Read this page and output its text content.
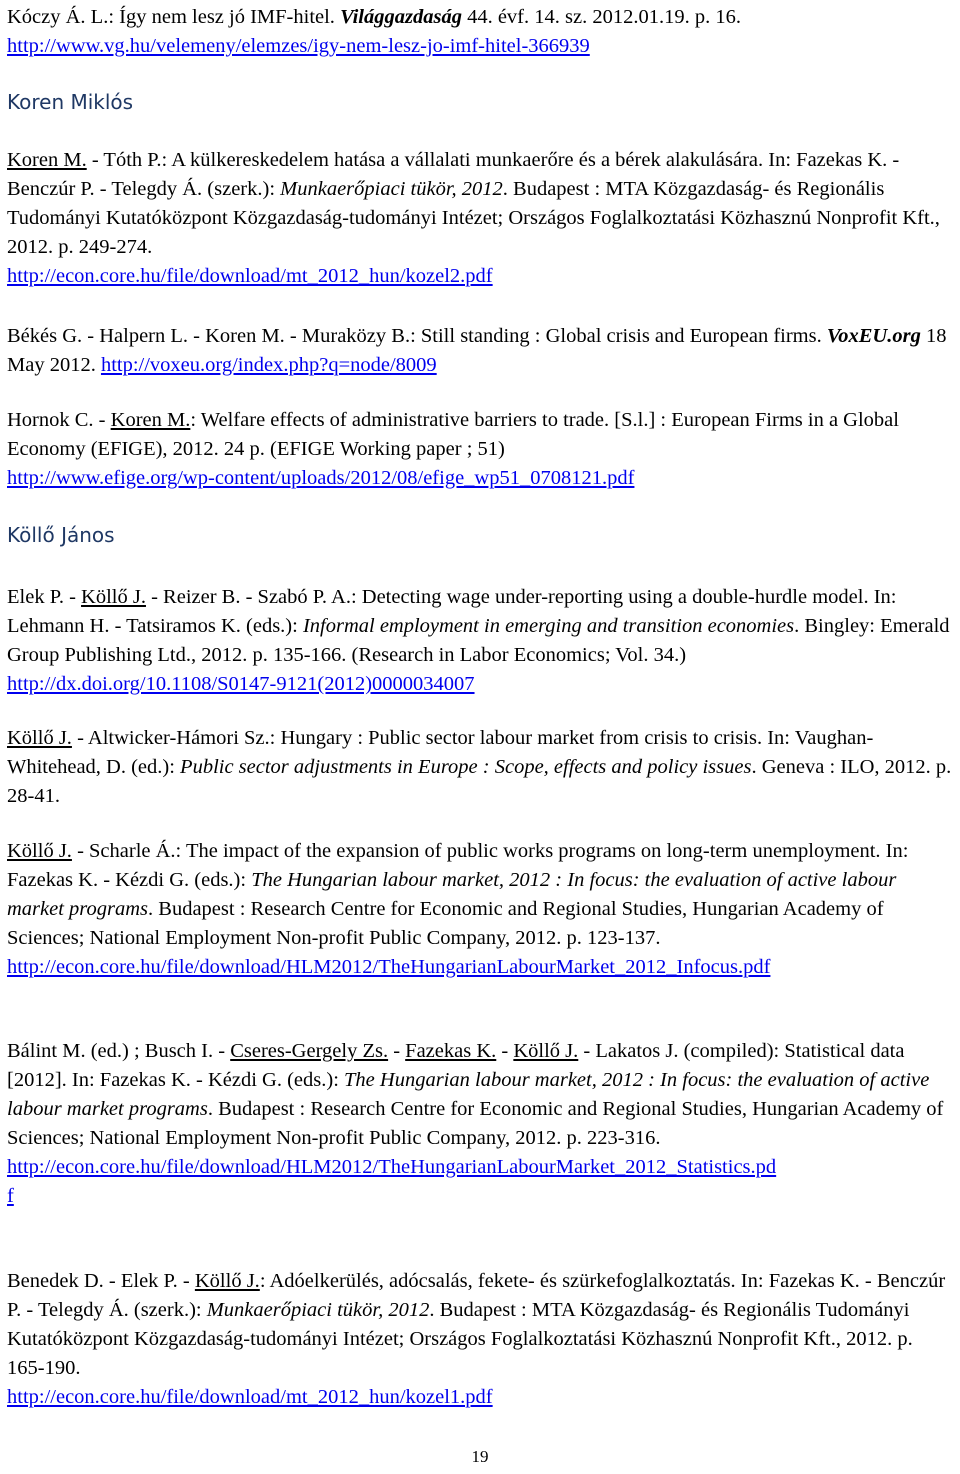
Kóczy Á. L.: Így nem lesz jó IMF-hitel. Világgazdaság 44. évf. 14. sz. 2012.01.19. p. 16.
http://www.vg.hu/velemeny/elemzes/igy-nem-lesz-jo-imf-hitel-366939

Koren Miklós

Koren M. - Tóth P.: A külkereskedelem hatása a vállalati munkaerőre és a bérek alakulására. In: Fazekas K. - Benczúr P. - Telegdy Á. (szerk.): Munkaerőpiaci tükör, 2012. Budapest : MTA Közgazdaság- és Regionális Tudományi Kutatóközpont Közgazdaság-tudományi Intézet; Országos Foglalkoztatási Közhasznú Nonprofit Kft., 2012. p. 249-274.
http://econ.core.hu/file/download/mt_2012_hun/kozel2.pdf

Békés G. - Halpern L. - Koren M. - Muraközy B.: Still standing : Global crisis and European firms. VoxEU.org 18 May 2012. http://voxeu.org/index.php?q=node/8009

Hornok C. - Koren M.: Welfare effects of administrative barriers to trade. [S.l.] : European Firms in a Global Economy (EFIGE), 2012. 24 p. (EFIGE Working paper ; 51)
http://www.efige.org/wp-content/uploads/2012/08/efige_wp51_0708121.pdf

Köllő János

Elek P. - Köllő J. - Reizer B. - Szabó P. A.: Detecting wage under-reporting using a double-hurdle model. In: Lehmann H. - Tatsiramos K. (eds.): Informal employment in emerging and transition economies. Bingley: Emerald Group Publishing Ltd., 2012. p. 135-166. (Research in Labor Economics; Vol. 34.) http://dx.doi.org/10.1108/S0147-9121(2012)0000034007

Köllő J. - Altwicker-Hámori Sz.: Hungary : Public sector labour market from crisis to crisis. In: Vaughan-Whitehead, D. (ed.): Public sector adjustments in Europe : Scope, effects and policy issues. Geneva : ILO, 2012. p. 28-41.

Köllő J. - Scharle Á.: The impact of the expansion of public works programs on long-term unemployment. In: Fazekas K. - Kézdi G. (eds.): The Hungarian labour market, 2012 : In focus: the evaluation of active labour market programs. Budapest : Research Centre for Economic and Regional Studies, Hungarian Academy of Sciences; National Employment Non-profit Public Company, 2012. p. 123-137.
http://econ.core.hu/file/download/HLM2012/TheHungarianLabourMarket_2012_Infocus.pdf

Bálint M. (ed.) ; Busch I. - Cseres-Gergely Zs. - Fazekas K. - Köllő J. - Lakatos J. (compiled): Statistical data [2012]. In: Fazekas K. - Kézdi G. (eds.): The Hungarian labour market, 2012 : In focus: the evaluation of active labour market programs. Budapest : Research Centre for Economic and Regional Studies, Hungarian Academy of Sciences; National Employment Non-profit Public Company, 2012. p. 223-316.
http://econ.core.hu/file/download/HLM2012/TheHungarianLabourMarket_2012_Statistics.pd
f

Benedek D. - Elek P. - Köllő J.: Adóelkerülés, adócsalás, fekete- és szürkefoglalkoztatás. In: Fazekas K. - Benczúr P. - Telegdy Á. (szerk.): Munkaerőpiaci tükör, 2012. Budapest : MTA Közgazdaság- és Regionális Tudományi Kutatóközpont Közgazdaság-tudományi Intézet; Országos Foglalkoztatási Közhasznú Nonprofit Kft., 2012. p. 165-190.
http://econ.core.hu/file/download/mt_2012_hun/kozel1.pdf

19
